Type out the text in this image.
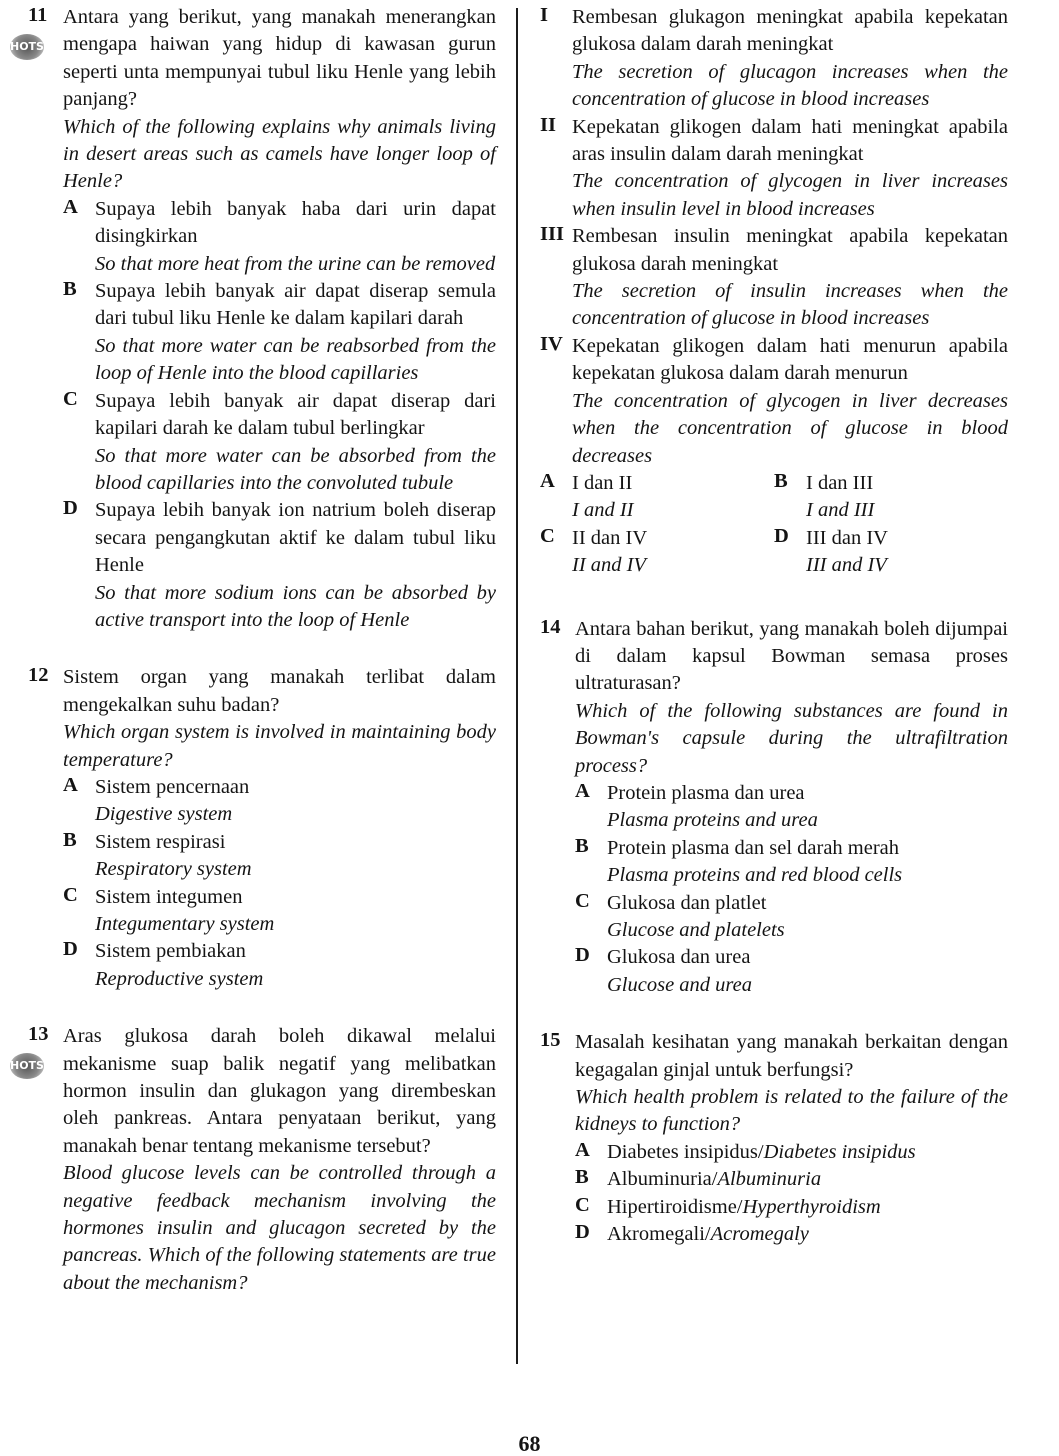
11
HOTS
Antara yang berikut, yang manakah menerangkan mengapa haiwan yang hidup di kawasan gurun seperti unta mempunyai tubul liku Henle yang lebih panjang?
Which of the following explains why animals living in desert areas such as camels have longer loop of Henle?
A Supaya lebih banyak haba dari urin dapat disingkirkan
So that more heat from the urine can be removed
B Supaya lebih banyak air dapat diserap semula dari tubul liku Henle ke dalam kapilari darah
So that more water can be reabsorbed from the loop of Henle into the blood capillaries
C Supaya lebih banyak air dapat diserap dari kapilari darah ke dalam tubul berlingkar
So that more water can be absorbed from the blood capillaries into the convoluted tubule
D Supaya lebih banyak ion natrium boleh diserap secara pengangkutan aktif ke dalam tubul liku Henle
So that more sodium ions can be absorbed by active transport into the loop of Henle
12 Sistem organ yang manakah terlibat dalam mengekalkan suhu badan?
Which organ system is involved in maintaining body temperature?
A Sistem pencernaan
Digestive system
B Sistem respirasi
Respiratory system
C Sistem integumen
Integumentary system
D Sistem pembiakan
Reproductive system
13
HOTS
Aras glukosa darah boleh dikawal melalui mekanisme suap balik negatif yang melibatkan hormon insulin dan glukagon yang dirembeskan oleh pankreas. Antara penyataan berikut, yang manakah benar tentang mekanisme tersebut?
Blood glucose levels can be controlled through a negative feedback mechanism involving the hormones insulin and glucagon secreted by the pancreas. Which of the following statements are true about the mechanism?
I Rembesan glukagon meningkat apabila kepekatan glukosa dalam darah meningkat
The secretion of glucagon increases when the concentration of glucose in blood increases
II Kepekatan glikogen dalam hati meningkat apabila aras insulin dalam darah meningkat
The concentration of glycogen in liver increases when insulin level in blood increases
III Rembesan insulin meningkat apabila kepekatan glukosa darah meningkat
The secretion of insulin increases when the concentration of glucose in blood increases
IV Kepekatan glikogen dalam hati menurun apabila kepekatan glukosa dalam darah menurun
The concentration of glycogen in liver decreases when the concentration of glucose in blood decreases
A I dan II
I and II
B I dan III
I and III
C II dan IV
II and IV
D III dan IV
III and IV
14 Antara bahan berikut, yang manakah boleh dijumpai di dalam kapsul Bowman semasa proses ultraturasan?
Which of the following substances are found in Bowman's capsule during the ultrafiltration process?
A Protein plasma dan urea
Plasma proteins and urea
B Protein plasma dan sel darah merah
Plasma proteins and red blood cells
C Glukosa dan platlet
Glucose and platelets
D Glukosa dan urea
Glucose and urea
15 Masalah kesihatan yang manakah berkaitan dengan kegagalan ginjal untuk berfungsi?
Which health problem is related to the failure of the kidneys to function?
A Diabetes insipidus/Diabetes insipidus
B Albuminuria/Albuminuria
C Hipertiroidisme/Hyperthyroidism
D Akromegali/Acromegaly
68
